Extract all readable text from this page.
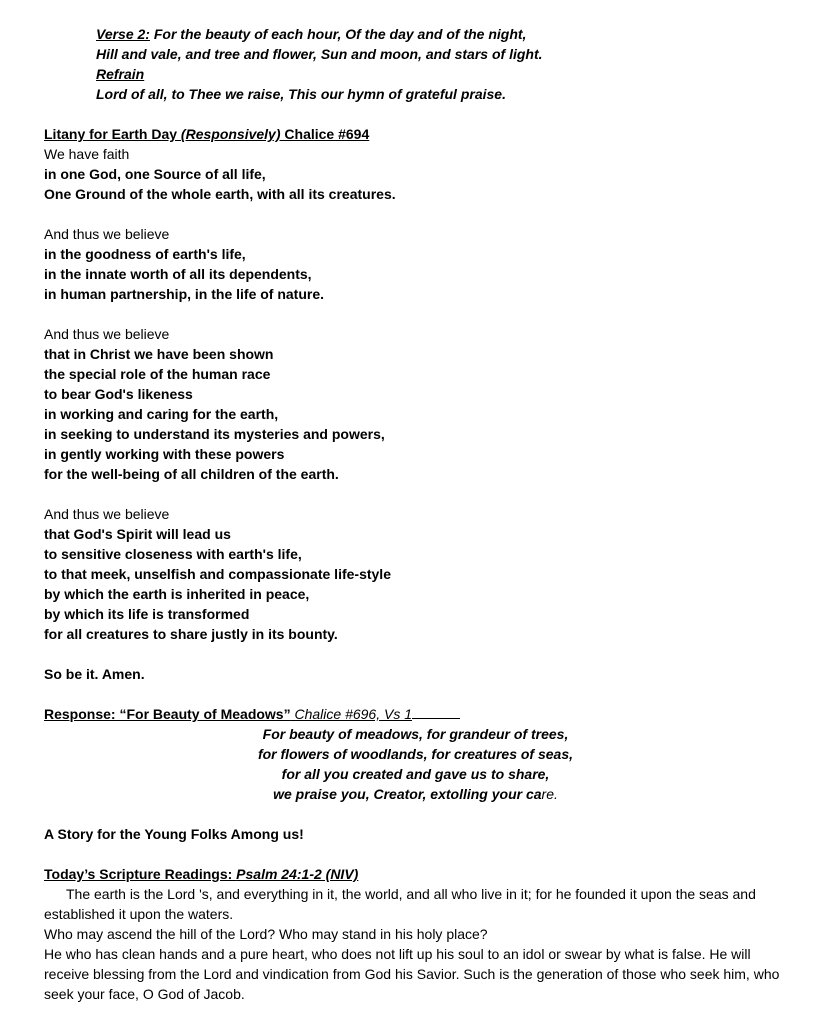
Verse 2: For the beauty of each hour, Of the day and of the night,
Hill and vale, and tree and flower, Sun and moon, and stars of light.
Refrain
Lord of all, to Thee we raise, This our hymn of grateful praise.
Litany for Earth Day (Responsively) Chalice #694
We have faith
in one God, one Source of all life,
One Ground of the whole earth, with all its creatures.
And thus we believe
in the goodness of earth's life,
in the innate worth of all its dependents,
in human partnership, in the life of nature.
And thus we believe
that in Christ we have been shown
the special role of the human race
to bear God's likeness
in working and caring for the earth,
in seeking to understand its mysteries and powers,
in gently working with these powers
for the well-being of all children of the earth.
And thus we believe
that God's Spirit will lead us
to sensitive closeness with earth's life,
to that meek, unselfish and compassionate life-style
by which the earth is inherited in peace,
by which its life is transformed
for all creatures to share justly in its bounty.
So be it. Amen.
Response: “For Beauty of Meadows” Chalice #696, Vs 1
For beauty of meadows, for grandeur of trees,
for flowers of woodlands, for creatures of seas,
for all you created and gave us to share,
we praise you, Creator, extolling your care.
A Story for the Young Folks Among us!
Today’s Scripture Readings: Psalm 24:1-2 (NIV)
The earth is the Lord 's, and everything in it, the world, and all who live in it; for he founded it upon the seas and established it upon the waters.
Who may ascend the hill of the Lord? Who may stand in his holy place?
He who has clean hands and a pure heart, who does not lift up his soul to an idol or swear by what is false. He will receive blessing from the Lord and vindication from God his Savior. Such is the generation of those who seek him, who seek your face, O God of Jacob.
